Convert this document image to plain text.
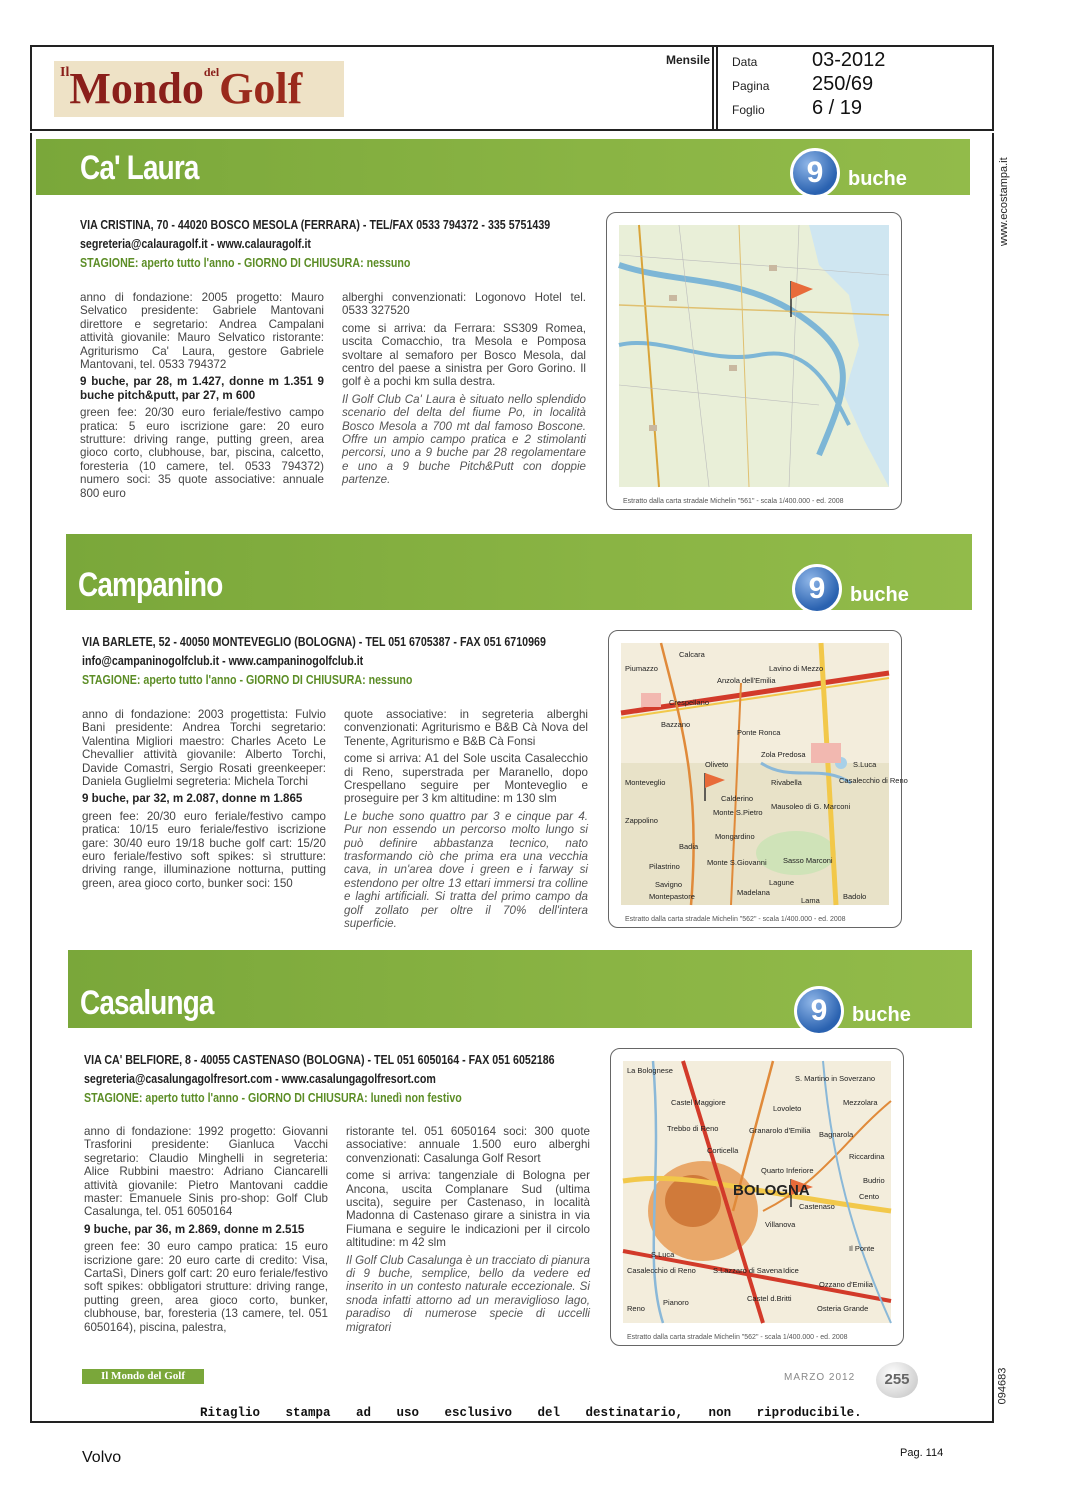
$^{Il}$Mondo$^{del}$Golf
Mensile Data	03-2012
Pagina 250/69
Foglio 6 / 19
www.ecostampa.it
094683
Ca' Laura	9	buche
VIA CRISTINA, 70 - 44020 BOSCO MESOLA (FERRARA) - TEL/FAX 0533 794372 - 335 5751439
segreteria@calauragolf.it - www.calauragolf.it
STAGIONE: aperto tutto l'anno - GIORNO DI CHIUSURA: nessuno

anno di fondazione: 2005 progetto: Mauro Selvatico presidente: Gabriele Mantovani direttore e segretario: Andrea Campalani attività giovanile: Mauro Selvatico ristorante: Agriturismo Ca' Laura, gestore Gabriele Mantovani, tel. 0533 794372

9 buche, par 28, m 1.427, donne m 1.351 9 buche pitch&putt, par 27, m 600

green fee: 20/30 euro feriale/festivo campo pratica: 5 euro iscrizione gare: 20 euro strutture: driving range, putting green, area gioco corto, clubhouse, bar, piscina, calcetto, foresteria (10 camere, tel. 0533 794372) numero soci: 35 quote associative: annuale 800 euro

alberghi convenzionati: Logonovo Hotel tel. 0533 327520

come si arriva: da Ferrara: SS309 Romea, uscita Comacchio, tra Mesola e Pomposa svoltare al semaforo per Bosco Mesola, dal centro del paese a sinistra per Goro Gorino. Il golf è a pochi km sulla destra.

Il Golf Club Ca' Laura è situato nello splendido scenario del delta del fiume Po, in località Bosco Mesola a 700 mt dal famoso Boscone. Offre un ampio campo pratica e 2 stimolanti percorsi, uno a 9 buche par 28 regolamentare e uno a 9 buche Pitch&Putt con doppie partenze.

Estratto dalla carta stradale Michelin "561" - scala 1/400.000 - ed. 2008
Campanino	9	buche
VIA BARLETE, 52 - 40050 MONTEVEGLIO (BOLOGNA) - TEL 051 6705387 - FAX 051 6710969
info@campaninogolfclub.it - www.campaninogolfclub.it
STAGIONE: aperto tutto l'anno - GIORNO DI CHIUSURA: nessuno

anno di fondazione: 2003 progettista: Fulvio Bani presidente: Andrea Torchi segretario: Valentina Migliori maestro: Charles Aceto Le Chevallier attività giovanile: Alberto Torchi, Davide Comastri, Sergio Rosati greenkeeper: Daniela Guglielmi segreteria: Michela Torchi

9 buche, par 32, m 2.087, donne m 1.865

green fee: 20/30 euro feriale/festivo campo pratica: 10/15 euro feriale/festivo iscrizione gare: 30/40 euro 19/18 buche golf cart: 15/20 euro feriale/festivo soft spikes: sì strutture: driving range, illuminazione notturna, putting green, area gioco corto, bunker soci: 150

quote associative: in segreteria alberghi convenzionati: Agriturismo e B&B Cà Nova del Tenente, Agriturismo e B&B Cà Fonsi

come si arriva: A1 del Sole uscita Casalecchio di Reno, superstrada per Maranello, dopo Crespellano seguire per Monteveglio e proseguire per 3 km altitudine: m 130 slm

Le buche sono quattro par 3 e cinque par 4. Pur non essendo un percorso molto lungo si può definire abbastanza tecnico, nato trasformando ciò che prima era una vecchia cava, in un'area dove i green e i farway si estendono per oltre 13 ettari immersi tra colline e laghi artificiali. Si tratta del primo campo da golf zollato per oltre il 70% dell'intera superficie.

Calcara
Piumazzo
Crespellano
Bazzano
Anzola dell'Emilia
Ponte Ronca
Zola Predosa
Oliveto
Monteveglio
Calderino
Monte S.Pietro
Mongardino
Casalecchio di Reno
Mausoleo di G. Marconi
Rivabella
Badia
Pilastrino
Savigno
Monte S.Giovanni Sasso Marconi
Montepastore
Lagune
Badolo
S.Luca
Zappolino
Lavino di Mezzo
Lama
Madelana
Estratto dalla carta stradale Michelin "562" - scala 1/400.000 - ed. 2008
Casalunga	9	buche
VIA CA' BELFIORE, 8 - 40055 CASTENASO (BOLOGNA) - TEL 051 6050164 - FAX 051 6052186
segreteria@casalungagolfresort.com - www.casalungagolfresort.com
STAGIONE: aperto tutto l'anno - GIORNO DI CHIUSURA: lunedì non festivo

anno di fondazione: 1992 progetto: Giovanni Trasforini presidente: Gianluca Vacchi segretario: Claudio Minghelli in segreteria: Alice Rubbini maestro: Adriano Ciancarelli attività giovanile: Pietro Mantovani caddie master: Emanuele Sinis pro-shop: Golf Club Casalunga, tel. 051 6050164

9 buche, par 36, m 2.869, donne m 2.515

green fee: 30 euro campo pratica: 15 euro iscrizione gare: 20 euro carte di credito: Visa, CartaSì, Diners golf cart: 20 euro feriale/festivo soft spikes: obbligatori strutture: driving range, putting green, area gioco corto, bunker, clubhouse, bar, foresteria (13 camere, tel. 051 6050164), piscina, palestra,

ristorante tel. 051 6050164 soci: 300 quote associative: annuale 1.500 euro alberghi convenzionati: Casalunga Golf Resort

come si arriva: tangenziale di Bologna per Ancona, uscita Complanare Sud (ultima uscita), seguire per Castenaso, in località Madonna di Castenaso girare a sinistra in via Fiumana e seguire le indicazioni per il circolo altitudine: m 42 slm

Il Golf Club Casalunga è un tracciato di pianura di 9 buche, semplice, bello da vedere ed inserito in un contesto naturale eccezionale. Si snoda infatti attorno ad un meraviglioso lago, paradiso di numerose specie di uccelli migratori

La Bolognese
S. Martino in Soverzano
Castel Maggiore
Lovoleto
Mezzolara
Trebbo di Reno	Granarolo d'Emilia Bagnarola
Corticella
Quarto Inferiore
Riccardina
BOLOGNA
Castenaso
Villanova
Budrio
Cento
S.Luca
Casalecchio di Reno	Idice
Ozzano d'Emilia
S.Lazzaro di Savena
Castel d.Britti
Osteria Grande
Pianoro
Il Ponte
Reno
Estratto dalla carta stradale Michelin "562" - scala 1/400.000 - ed. 2008
Il Mondo del Golf	MARZO 2012	255
Ritaglio stampa ad uso esclusivo del destinatario, non riproducibile.
Volvo	Pag. 114
